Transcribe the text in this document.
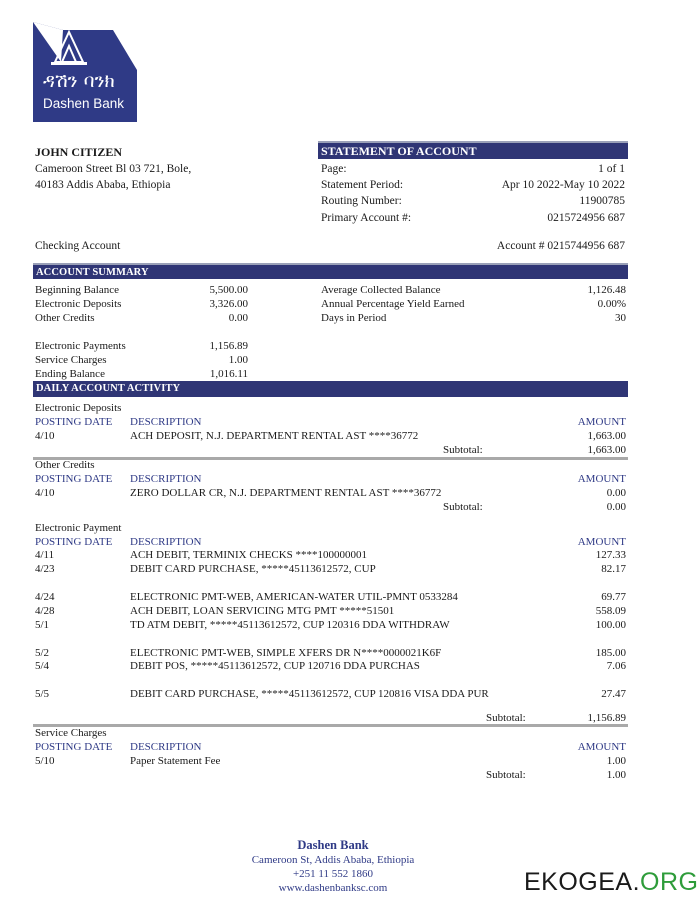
ዳሽን ባንክ
Dashen Bank
JOHN CITIZEN
Cameroon Street Bl 03 721, Bole,
40183 Addis Ababa, Ethiopia
STATEMENT OF ACCOUNT
Page:	1 of 1
Statement Period:	Apr 10 2022-May 10 2022
Routing Number:	11900785
Primary Account #:	0215724956 687
Checking Account	Account # 0215744956 687
ACCOUNT SUMMARY
Beginning Balance	5,500.00
Electronic Deposits	3,326.00
Other Credits	0.00
Electronic Payments	1,156.89
Service Charges	1.00
Ending Balance	1,016.11
Average Collected Balance	1,126.48
Annual Percentage Yield Earned	0.00%
Days in Period	30
DAILY ACCOUNT ACTIVITY
Electronic Deposits
POSTING DATE DESCRIPTION	AMOUNT
4/10	ACH DEPOSIT, N.J. DEPARTMENT RENTAL AST ****36772	1,663.00
Subtotal:	1,663.00
Other Credits
POSTING DATE DESCRIPTION	AMOUNT
4/10	ZERO DOLLAR CR, N.J. DEPARTMENT RENTAL AST ****36772	0.00
Subtotal:	0.00
Electronic Payment
POSTING DATE DESCRIPTION	AMOUNT
4/11	ACH DEBIT, TERMINIX CHECKS ****100000001	127.33
4/23	DEBIT CARD PURCHASE, *****45113612572, CUP	82.17
4/24	ELECTRONIC PMT-WEB, AMERICAN-WATER UTIL-PMNT 0533284	69.77
4/28	ACH DEBIT, LOAN SERVICING MTG PMT *****51501	558.09
5/1	TD ATM DEBIT, *****45113612572, CUP 120316 DDA WITHDRAW	100.00
5/2	ELECTRONIC PMT-WEB, SIMPLE XFERS DR N****0000021K6F	185.00
5/4	DEBIT POS, *****45113612572, CUP 120716 DDA PURCHAS	7.06
5/5	DEBIT CARD PURCHASE, *****45113612572, CUP 120816 VISA DDA PUR	27.47
Subtotal:	1,156.89
Service Charges
POSTING DATE DESCRIPTION	AMOUNT
5/10	Paper Statement Fee	1.00
Subtotal:	1.00
Dashen Bank
Cameroon St, Addis Ababa, Ethiopia
+251 11 552 1860
www.dashenbanksc.com	EKOGEA.ORG
